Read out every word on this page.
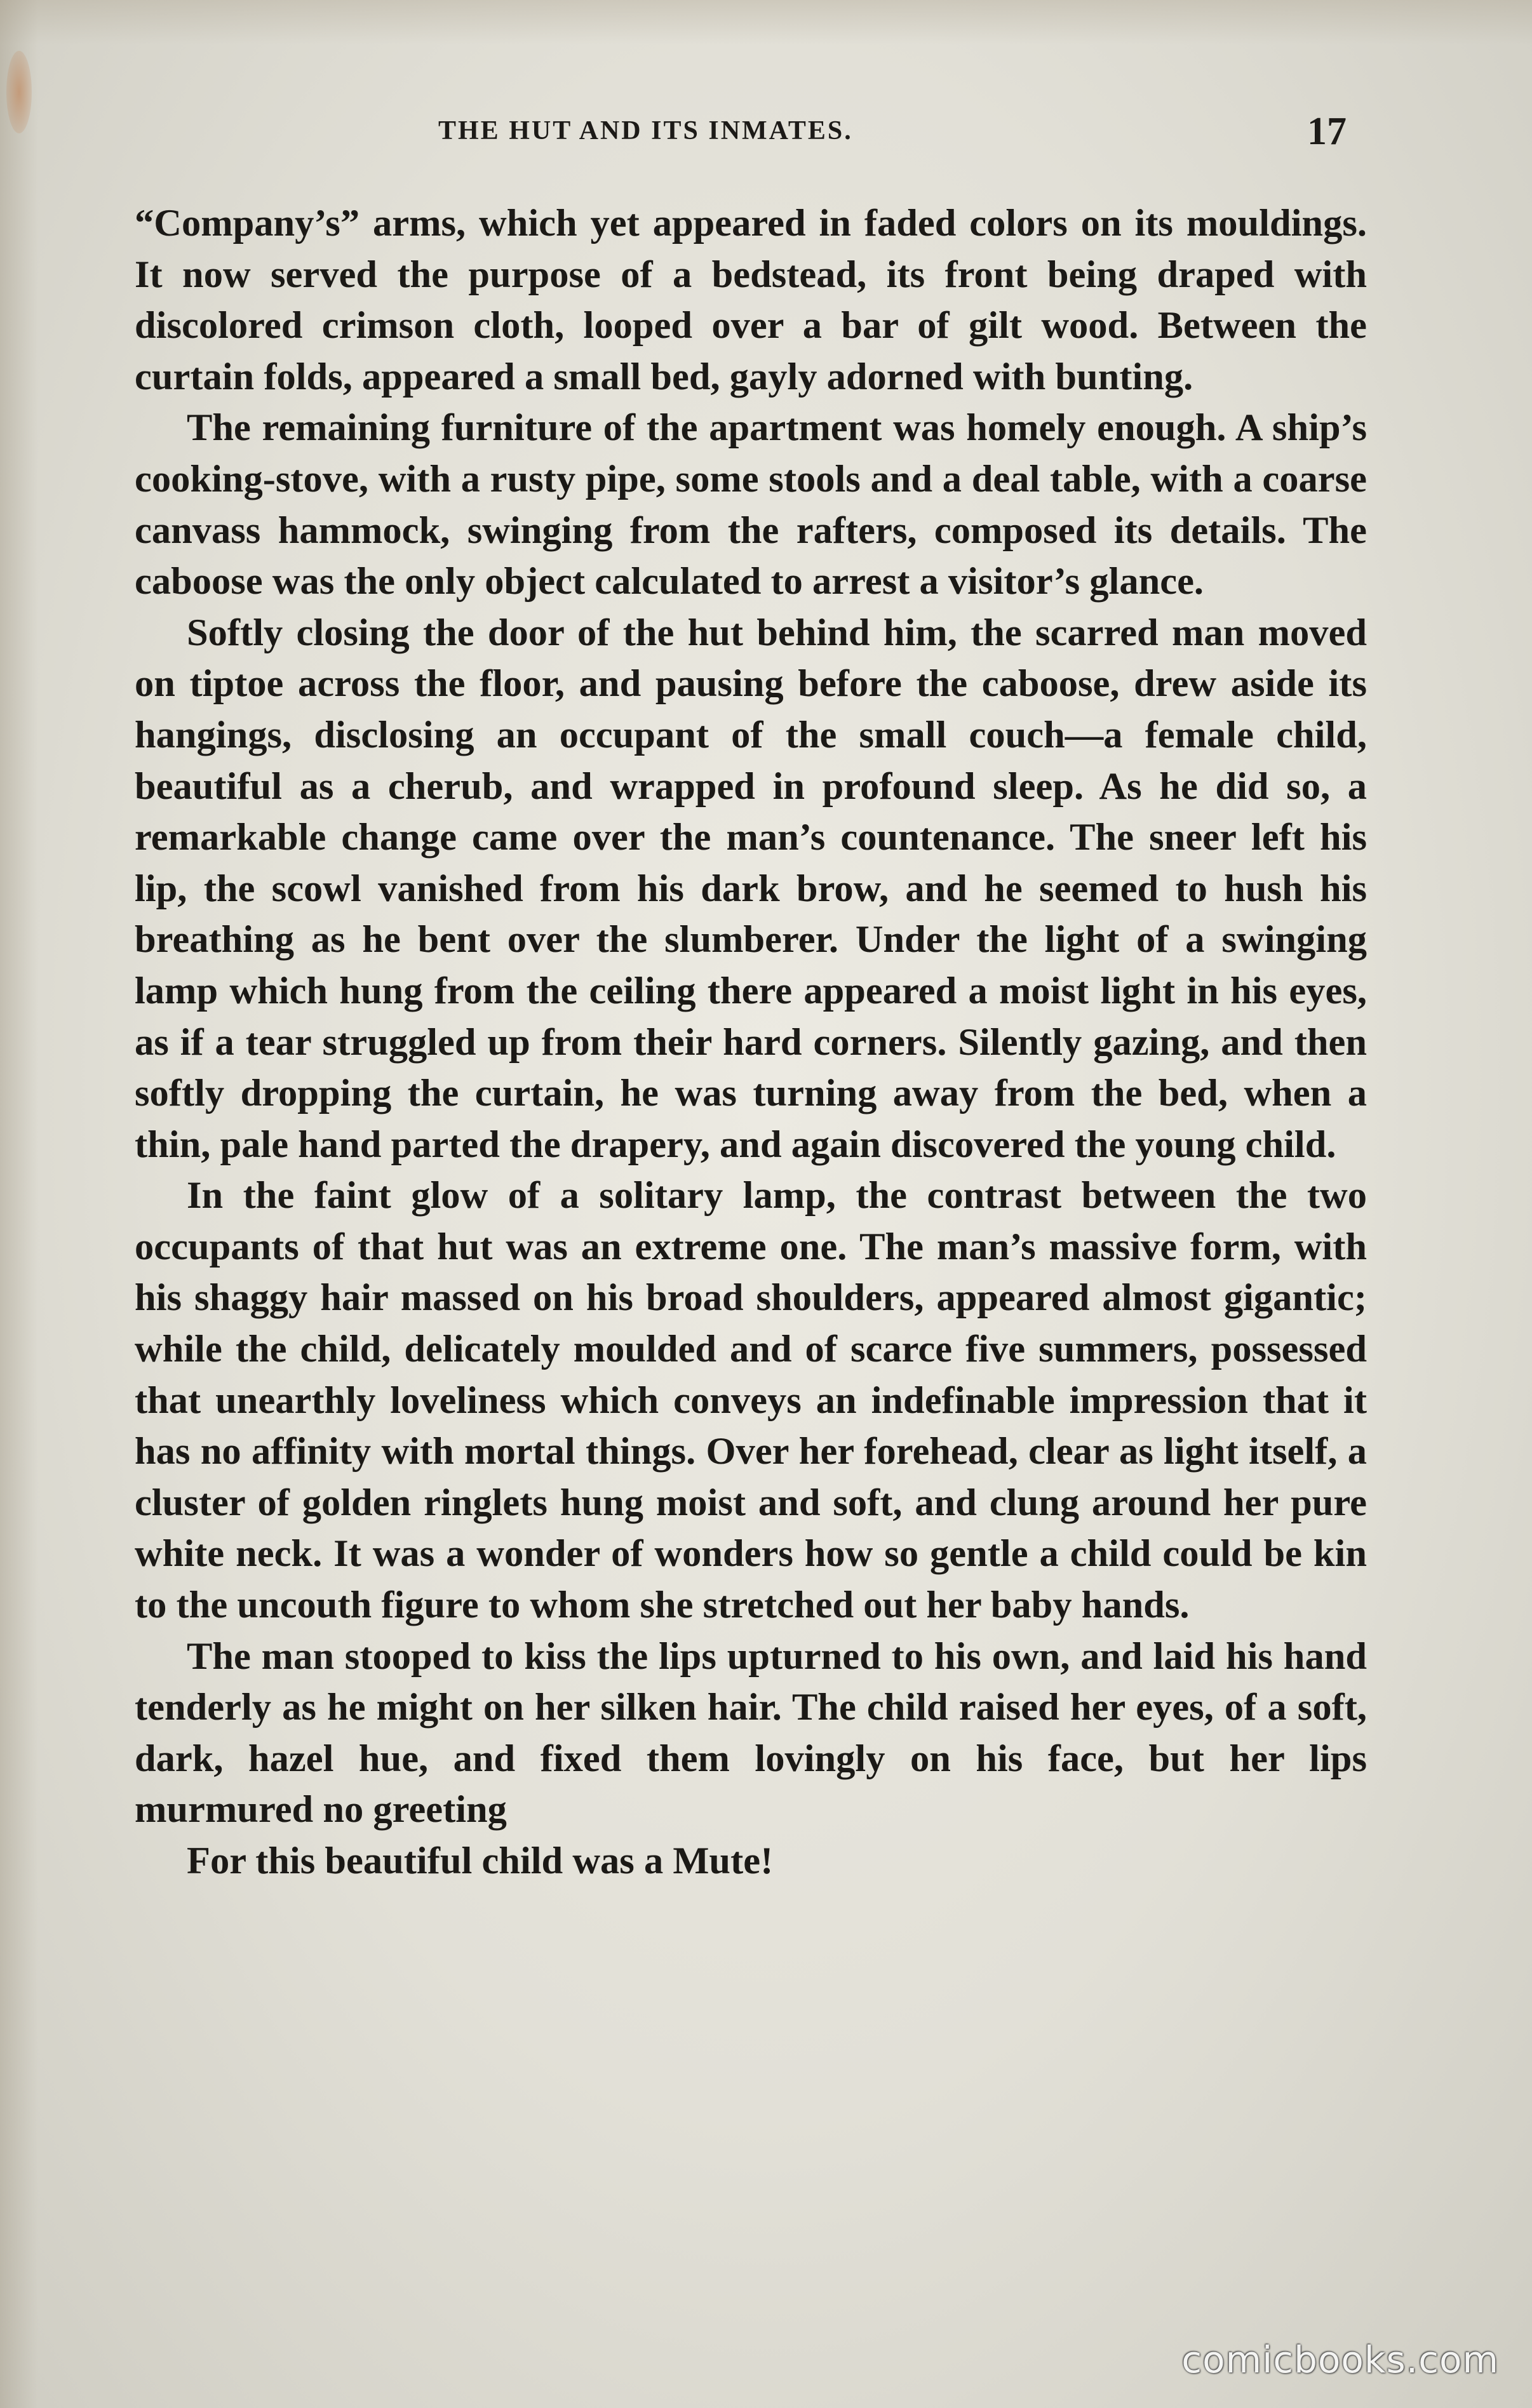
THE HUT AND ITS INMATES.	17

“Company’s” arms, which yet appeared in faded colors on its mouldings. It now served the purpose of a bedstead, its front being draped with discolored crimson cloth, looped over a bar of gilt wood. Between the curtain folds, appeared a small bed, gayly adorned with bunting.

The remaining furniture of the apartment was homely enough. A ship’s cooking-stove, with a rusty pipe, some stools and a deal table, with a coarse canvass hammock, swinging from the rafters, composed its details. The caboose was the only object calculated to arrest a visitor’s glance.

Softly closing the door of the hut behind him, the scarred man moved on tiptoe across the floor, and pausing before the caboose, drew aside its hangings, disclosing an occupant of the small couch—a female child, beautiful as a cherub, and wrapped in profound sleep. As he did so, a remarkable change came over the man’s countenance. The sneer left his lip, the scowl vanished from his dark brow, and he seemed to hush his breathing as he bent over the slumberer. Under the light of a swinging lamp which hung from the ceiling there appeared a moist light in his eyes, as if a tear struggled up from their hard corners. Silently gazing, and then softly dropping the curtain, he was turning away from the bed, when a thin, pale hand parted the drapery, and again discovered the young child.

In the faint glow of a solitary lamp, the contrast between the two occupants of that hut was an extreme one. The man’s massive form, with his shaggy hair massed on his broad shoulders, appeared almost gigantic; while the child, delicately moulded and of scarce five summers, possessed that unearthly loveliness which conveys an indefinable impression that it has no affinity with mortal things. Over her forehead, clear as light itself, a cluster of golden ringlets hung moist and soft, and clung around her pure white neck. It was a wonder of wonders how so gentle a child could be kin to the uncouth figure to whom she stretched out her baby hands.

The man stooped to kiss the lips upturned to his own, and laid his hand tenderly as he might on her silken hair. The child raised her eyes, of a soft, dark, hazel hue, and fixed them lovingly on his face, but her lips murmured no greeting

For this beautiful child was a Mute!

comicbooks.com
